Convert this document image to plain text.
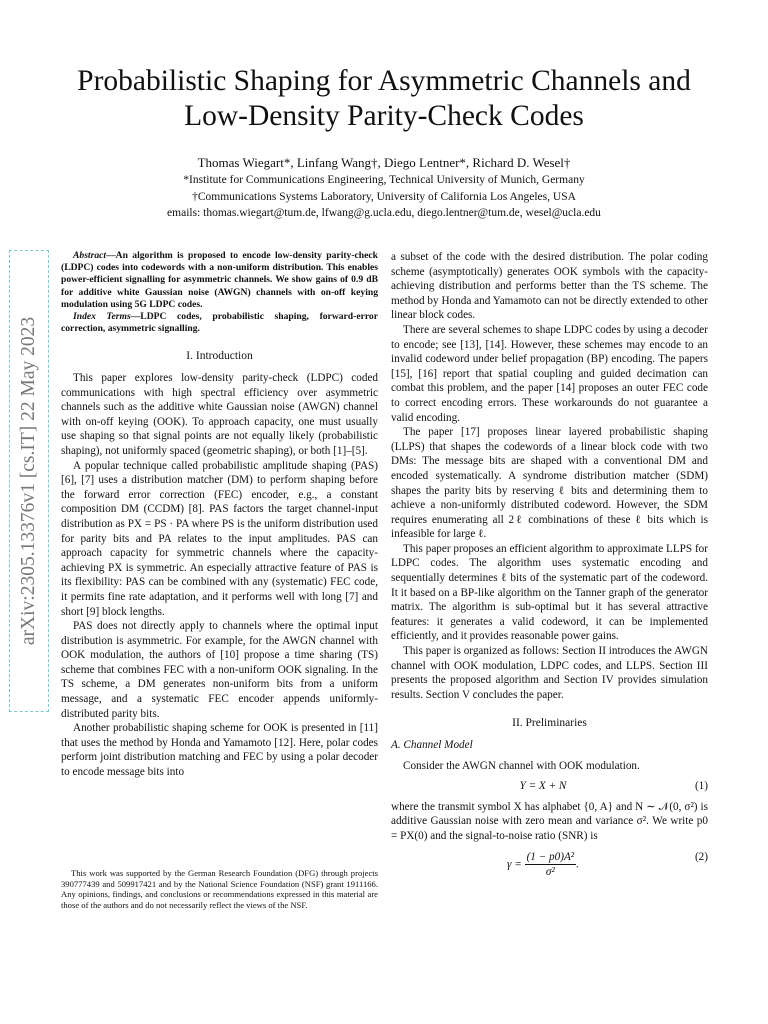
Probabilistic Shaping for Asymmetric Channels and
Low-Density Parity-Check Codes
Thomas Wiegart*, Linfang Wang†, Diego Lentner*, Richard D. Wesel†
*Institute for Communications Engineering, Technical University of Munich, Germany
†Communications Systems Laboratory, University of California Los Angeles, USA
emails: thomas.wiegart@tum.de, lfwang@g.ucla.edu, diego.lentner@tum.de, wesel@ucla.edu
arXiv:2305.13376v1 [cs.IT] 22 May 2023

Abstract—An algorithm is proposed to encode low-density parity-check (LDPC) codes into codewords with a non-uniform distribution. This enables power-efficient signalling for asymmetric channels. We show gains of 0.9 dB for additive white Gaussian noise (AWGN) channels with on-off keying modulation using 5G LDPC codes.

Index Terms—LDPC codes, probabilistic shaping, forward-error correction, asymmetric signalling.

I. Introduction

This paper explores low-density parity-check (LDPC) coded communications with high spectral efficiency over asymmetric channels such as the additive white Gaussian noise (AWGN) channel with on-off keying (OOK). To approach capacity, one must usually use shaping so that signal points are not equally likely (probabilistic shaping), not uniformly spaced (geometric shaping), or both [1]–[5].

A popular technique called probabilistic amplitude shaping (PAS) [6], [7] uses a distribution matcher (DM) to perform shaping before the forward error correction (FEC) encoder, e.g., a constant composition DM (CCDM) [8]. PAS factors the target channel-input distribution as PX = PS · PA where PS is the uniform distribution used for parity bits and PA relates to the input amplitudes. PAS can approach capacity for symmetric channels where the capacity-achieving PX is symmetric. An especially attractive feature of PAS is its flexibility: PAS can be combined with any (systematic) FEC code, it permits fine rate adaptation, and it performs well with long [7] and short [9] block lengths.

PAS does not directly apply to channels where the optimal input distribution is asymmetric. For example, for the AWGN channel with OOK modulation, the authors of [10] propose a time sharing (TS) scheme that combines FEC with a non-uniform OOK signaling. In the TS scheme, a DM generates non-uniform bits from a uniform message, and a systematic FEC encoder appends uniformly-distributed parity bits.

Another probabilistic shaping scheme for OOK is presented in [11] that uses the method by Honda and Yamamoto [12]. Here, polar codes perform joint distribution matching and FEC by using a polar decoder to encode message bits into

This work was supported by the German Research Foundation (DFG) through projects 390777439 and 509917421 and by the National Science Foundation (NSF) grant 1911166. Any opinions, findings, and conclusions or recommendations expressed in this material are those of the authors and do not necessarily reflect the views of the NSF.

a subset of the code with the desired distribution. The polar coding scheme (asymptotically) generates OOK symbols with the capacity-achieving distribution and performs better than the TS scheme. The method by Honda and Yamamoto can not be directly extended to other linear block codes.

There are several schemes to shape LDPC codes by using a decoder to encode; see [13], [14]. However, these schemes may encode to an invalid codeword under belief propagation (BP) encoding. The papers [15], [16] report that spatial coupling and guided decimation can combat this problem, and the paper [14] proposes an outer FEC code to correct encoding errors. These workarounds do not guarantee a valid encoding.

The paper [17] proposes linear layered probabilistic shaping (LLPS) that shapes the codewords of a linear block code with two DMs: The message bits are shaped with a conventional DM and encoded systematically. A syndrome distribution matcher (SDM) shapes the parity bits by reserving ℓ bits and determining them to achieve a non-uniformly distributed codeword. However, the SDM requires enumerating all 2ℓ combinations of these ℓ bits which is infeasible for large ℓ.

This paper proposes an efficient algorithm to approximate LLPS for LDPC codes. The algorithm uses systematic encoding and sequentially determines ℓ bits of the systematic part of the codeword. It it based on a BP-like algorithm on the Tanner graph of the generator matrix. The algorithm is sub-optimal but it has several attractive features: it generates a valid codeword, it can be implemented efficiently, and it provides reasonable power gains.

This paper is organized as follows: Section II introduces the AWGN channel with OOK modulation, LDPC codes, and LLPS. Section III presents the proposed algorithm and Section IV provides simulation results. Section V concludes the paper.

II. Preliminaries
A. Channel Model

Consider the AWGN channel with OOK modulation.

Y = X + N	(1)

where the transmit symbol X has alphabet {0, A} and N ∼ 𝒩(0, σ²) is additive Gaussian noise with zero mean and variance σ². We write p0 = PX(0) and the signal-to-noise ratio (SNR) is

$\gamma = \frac{\text{(1 − p0)A²}}{\text{σ²}}$ .
(2)
